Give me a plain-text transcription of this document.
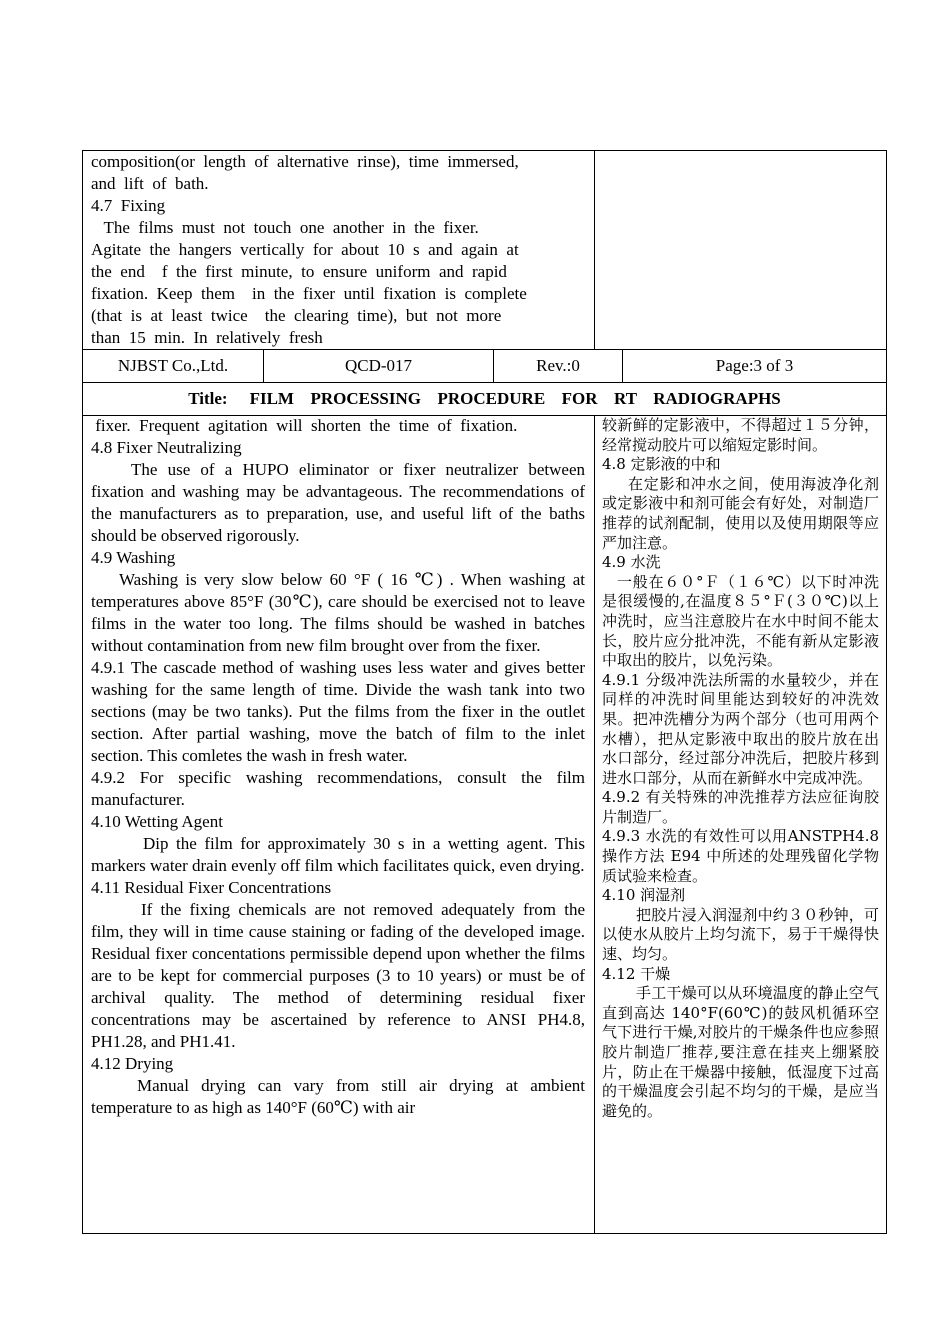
composition(or  length  of  alternative  rinse),  time  immersed,
and  lift  of  bath.
4.7  Fixing
The  films  must  not  touch  one  another  in  the  fixer.
Agitate  the  hangers  vertically  for  about  10  s  and  again  at
the  end    f  the  first  minute,  to  ensure  uniform  and  rapid
fixation.  Keep  them    in  the  fixer  until  fixation  is  complete
(that  is  at  least  twice    the  clearing  time),  but  not  more
than  15  min.  In  relatively  fresh
NJBST Co.,Ltd.	QCD-017	Rev.:0	Page:3 of 3
Title: FILM  PROCESSING  PROCEDURE  FOR  RT  RADIOGRAPHS

fixer.  Frequent  agitation  will  shorten  the  time  of  fixation.

4.8 Fixer Neutralizing

The use of a HUPO eliminator or fixer neutralizer between fixation and washing may be advantageous. The recommendations of the manufacturers as to preparation, use, and useful lift of the baths should be observed rigorously.

4.9 Washing

Washing is very slow below 60 °F ( 16 ℃) . When washing at temperatures above 85°F (30℃), care should be exercised not to leave films in the water too long. The films should be washed in batches without contamination from new film brought over from the fixer.

4.9.1 The cascade method of washing uses less water and gives better washing for the same length of time. Divide the wash tank into two sections (may be two tanks). Put the films from the fixer in the outlet section. After partial washing, move the batch of film to the inlet section. This comletes the wash in fresh water.

4.9.2 For specific washing recommendations, consult the film manufacturer.

4.10 Wetting Agent

Dip the film for approximately 30 s in a wetting agent. This markers water drain evenly off film which facilitates quick, even drying.

4.11 Residual Fixer Concentrations

If the fixing chemicals are not removed adequately from the film, they will in time cause staining or fading of the developed image. Residual fixer concentations permissible depend upon whether the films are to be kept for commercial purposes (3 to 10 years) or must be of archival quality. The method of determining residual fixer concentrations may be ascertained by reference to ANSI PH4.8, PH1.28, and PH1.41.

4.12 Drying

Manual drying can vary from still air drying at ambient temperature to as high as 140°F (60℃) with air

较新鲜的定影液中，不得超过１５分钟，经常搅动胶片可以缩短定影时间。

4.8 定影液的中和

在定影和冲水之间，使用海波净化剂或定影液中和剂可能会有好处，对制造厂推荐的试剂配制，使用以及使用期限等应严加注意。

4.9 水洗

一般在６０°Ｆ（１６℃）以下时冲洗是很缓慢的,在温度８５°Ｆ(３０℃)以上冲洗时，应当注意胶片在水中时间不能太长，胶片应分批冲洗，不能有新从定影液中取出的胶片，以免污染。

4.9.1 分级冲洗法所需的水量较少，并在同样的冲洗时间里能达到较好的冲洗效果。把冲洗槽分为两个部分（也可用两个水槽），把从定影液中取出的胶片放在出水口部分，经过部分冲洗后，把胶片移到进水口部分，从而在新鲜水中完成冲洗。

4.9.2 有关特殊的冲洗推荐方法应征询胶片制造厂。

4.9.3 水洗的有效性可以用ANSTPH4.8 操作方法 E94 中所述的处理残留化学物质试验来检查。

4.10 润湿剂

把胶片浸入润湿剂中约３０秒钟，可以使水从胶片上均匀流下，易于干燥得快速、均匀。

4.12 干燥

手工干燥可以从环境温度的静止空气直到高达 140°F(60℃)的鼓风机循环空气下进行干燥,对胶片的干燥条件也应参照胶片制造厂推荐,要注意在挂夹上绷紧胶片，防止在干燥器中接触，低湿度下过高的干燥温度会引起不均匀的干燥，是应当避免的。
